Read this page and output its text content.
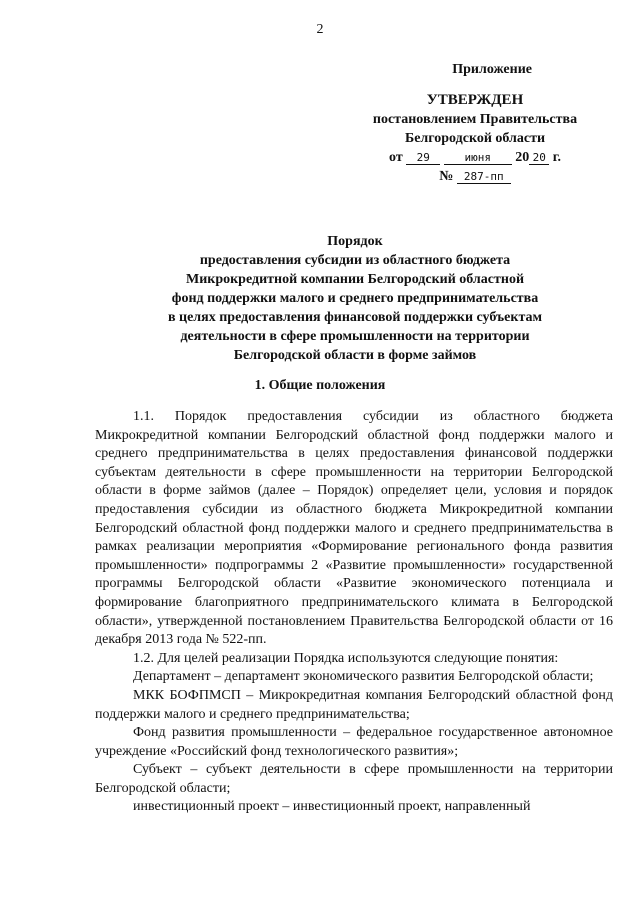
2
Приложение
УТВЕРЖДЕН
постановлением Правительства
Белгородской области
от 29	июня 20 20 г.
№ 287-пп
Порядок
предоставления субсидии из областного бюджета
Микрокредитной компании Белгородский областной
фонд поддержки малого и среднего предпринимательства
в целях предоставления финансовой поддержки субъектам
деятельности в сфере промышленности на территории
Белгородской области в форме займов
1. Общие положения

1.1. Порядок предоставления субсидии из областного бюджета Микрокредитной компании Белгородский областной фонд поддержки малого и среднего предпринимательства в целях предоставления финансовой поддержки субъектам деятельности в сфере промышленности на территории Белгородской области в форме займов (далее – Порядок) определяет цели, условия и порядок предоставления субсидии из областного бюджета Микрокредитной компании Белгородский областной фонд поддержки малого и среднего предпринимательства в рамках реализации мероприятия «Формирование регионального фонда развития промышленности» подпрограммы 2 «Развитие промышленности» государственной программы Белгородской области «Развитие экономического потенциала и формирование благоприятного предпринимательского климата в Белгородской области», утвержденной постановлением Правительства Белгородской области от 16 декабря 2013 года № 522-пп.

1.2. Для целей реализации Порядка используются следующие понятия:

Департамент – департамент экономического развития Белгородской области;

МКК БОФПМСП – Микрокредитная компания Белгородский областной фонд поддержки малого и среднего предпринимательства;

Фонд развития промышленности – федеральное государственное автономное учреждение «Российский фонд технологического развития»;

Субъект – субъект деятельности в сфере промышленности на территории Белгородской области;

инвестиционный проект – инвестиционный проект, направленный
